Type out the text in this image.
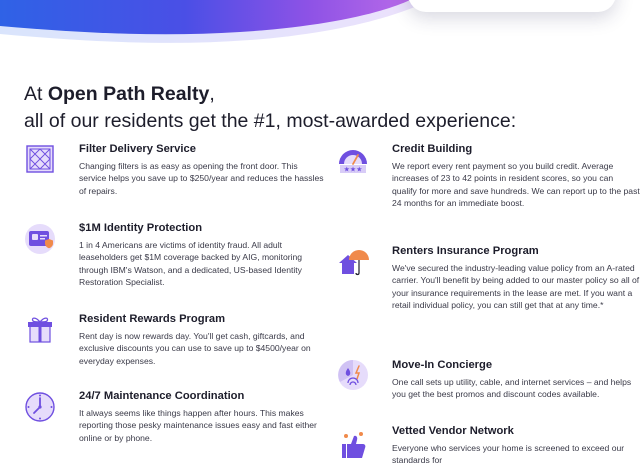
At Open Path Realty,
all of our residents get the #1, most-awarded experience:
Filter Delivery Service

Changing filters is as easy as opening the front door. This service helps you save up to $250/year and reduces the hassles of repairs.

$1M Identity Protection

1 in 4 Americans are victims of identity fraud. All adult leaseholders get $1M coverage backed by AIG, monitoring through IBM's Watson, and a dedicated, US-based Identity Restoration Specialist.

Resident Rewards Program

Rent day is now rewards day. You'll get cash, giftcards, and exclusive discounts you can use to save up to $4500/year on everyday expenses.

24/7 Maintenance Coordination

It always seems like things happen after hours. This makes reporting those pesky maintenance issues easy and fast either online or by phone.

★★★
Credit Building

We report every rent payment so you build credit. Average increases of 23 to 42 points in resident scores, so you can qualify for more and save hundreds. We can report up to the past 24 months for an immediate boost.

Renters Insurance Program

We've secured the industry-leading value policy from an A-rated carrier. You'll benefit by being added to our master policy so all of your insurance requirements in the lease are met. If you want a retail individual policy, you can still get that at any time.*

Move-In Concierge

One call sets up utility, cable, and internet services – and helps you get the best promos and discount codes available.

Vetted Vendor Network

Everyone who services your home is screened to exceed our standards for
